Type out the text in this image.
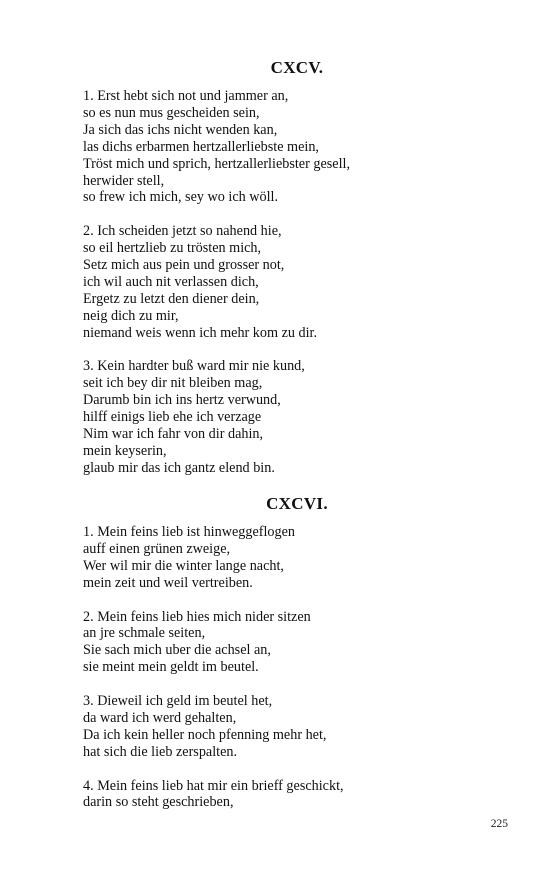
CXCV.
1. Erst hebt sich not und jammer an,
so es nun mus gescheiden sein,
Ja sich das ichs nicht wenden kan,
las dichs erbarmen hertzallerliebste mein,
Tröst mich und sprich, hertzallerliebster gesell,
herwider stell,
so frew ich mich, sey wo ich wöll.
2. Ich scheiden jetzt so nahend hie,
so eil hertzlieb zu trösten mich,
Setz mich aus pein und grosser not,
ich wil auch nit verlassen dich,
Ergetz zu letzt den diener dein,
neig dich zu mir,
niemand weis wenn ich mehr kom zu dir.
3. Kein hardter buß ward mir nie kund,
seit ich bey dir nit bleiben mag,
Darumb bin ich ins hertz verwund,
hilff einigs lieb ehe ich verzage
Nim war ich fahr von dir dahin,
mein keyserin,
glaub mir das ich gantz elend bin.
CXCVI.
1. Mein feins lieb ist hinweggeflogen
auff einen grünen zweige,
Wer wil mir die winter lange nacht,
mein zeit und weil vertreiben.
2. Mein feins lieb hies mich nider sitzen
an jre schmale seiten,
Sie sach mich uber die achsel an,
sie meint mein geldt im beutel.
3. Dieweil ich geld im beutel het,
da ward ich werd gehalten,
Da ich kein heller noch pfenning mehr het,
hat sich die lieb zerspalten.
4. Mein feins lieb hat mir ein brieff geschickt,
darin so steht geschrieben,
225
